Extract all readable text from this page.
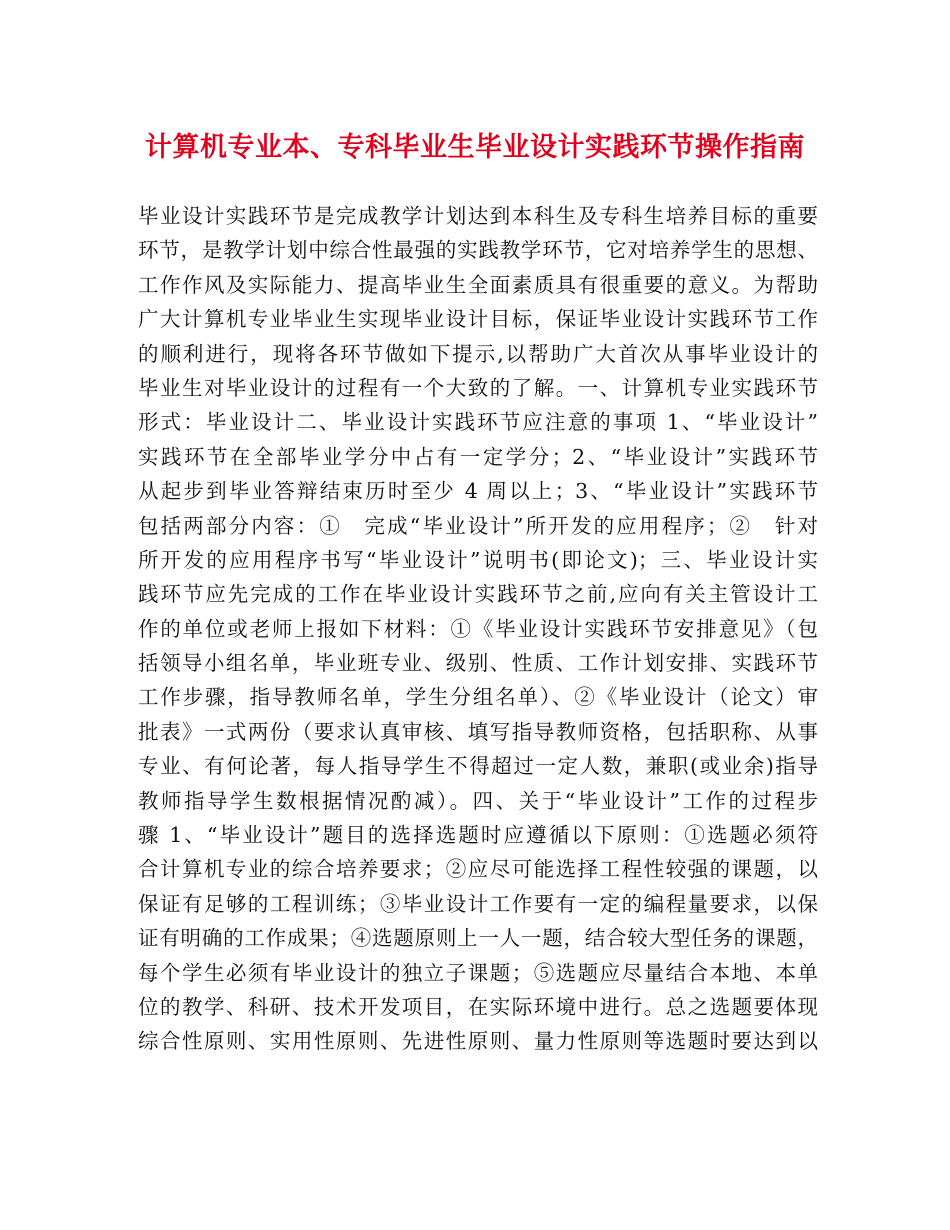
计算机专业本、专科毕业生毕业设计实践环节操作指南
毕业设计实践环节是完成教学计划达到本科生及专科生培养目标的重要
环节，是教学计划中综合性最强的实践教学环节，它对培养学生的思想、
工作作风及实际能力、提高毕业生全面素质具有很重要的意义。为帮助
广大计算机专业毕业生实现毕业设计目标，保证毕业设计实践环节工作
的顺利进行，现将各环节做如下提示,以帮助广大首次从事毕业设计的
毕业生对毕业设计的过程有一个大致的了解。一、计算机专业实践环节
形式：毕业设计二、毕业设计实践环节应注意的事项 1、“毕业设计”
实践环节在全部毕业学分中占有一定学分；2、“毕业设计”实践环节
从起步到毕业答辩结束历时至少 4 周以上；3、“毕业设计”实践环节
包括两部分内容：①　完成“毕业设计”所开发的应用程序；②　针对
所开发的应用程序书写“毕业设计”说明书(即论文)；三、毕业设计实
践环节应先完成的工作在毕业设计实践环节之前,应向有关主管设计工
作的单位或老师上报如下材料：①《毕业设计实践环节安排意见》（包
括领导小组名单，毕业班专业、级别、性质、工作计划安排、实践环节
工作步骤，指导教师名单，学生分组名单）、②《毕业设计（论文）审
批表》一式两份（要求认真审核、填写指导教师资格，包括职称、从事
专业、有何论著，每人指导学生不得超过一定人数，兼职(或业余)指导
教师指导学生数根据情况酌减）。四、关于“毕业设计”工作的过程步
骤 1、“毕业设计”题目的选择选题时应遵循以下原则：①选题必须符
合计算机专业的综合培养要求；②应尽可能选择工程性较强的课题，以
保证有足够的工程训练；③毕业设计工作要有一定的编程量要求，以保
证有明确的工作成果；④选题原则上一人一题，结合较大型任务的课题，
每个学生必须有毕业设计的独立子课题；⑤选题应尽量结合本地、本单
位的教学、科研、技术开发项目，在实际环境中进行。总之选题要体现
综合性原则、实用性原则、先进性原则、量力性原则等选题时要达到以
